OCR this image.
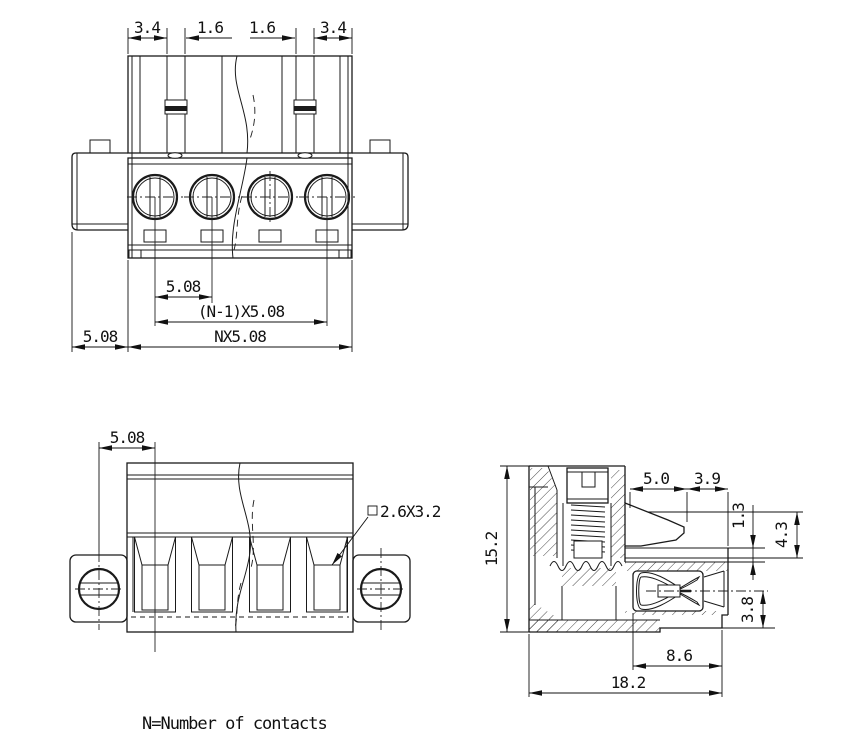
3.4 1.6 1.6	3.4
5.08
(N-1)X5.08
NX5.08
5.08
5.08
2.6X3.2
15.2
5.0 3.9
1.3
4.3
3.8
8.6
18.2
N=Number of contacts
